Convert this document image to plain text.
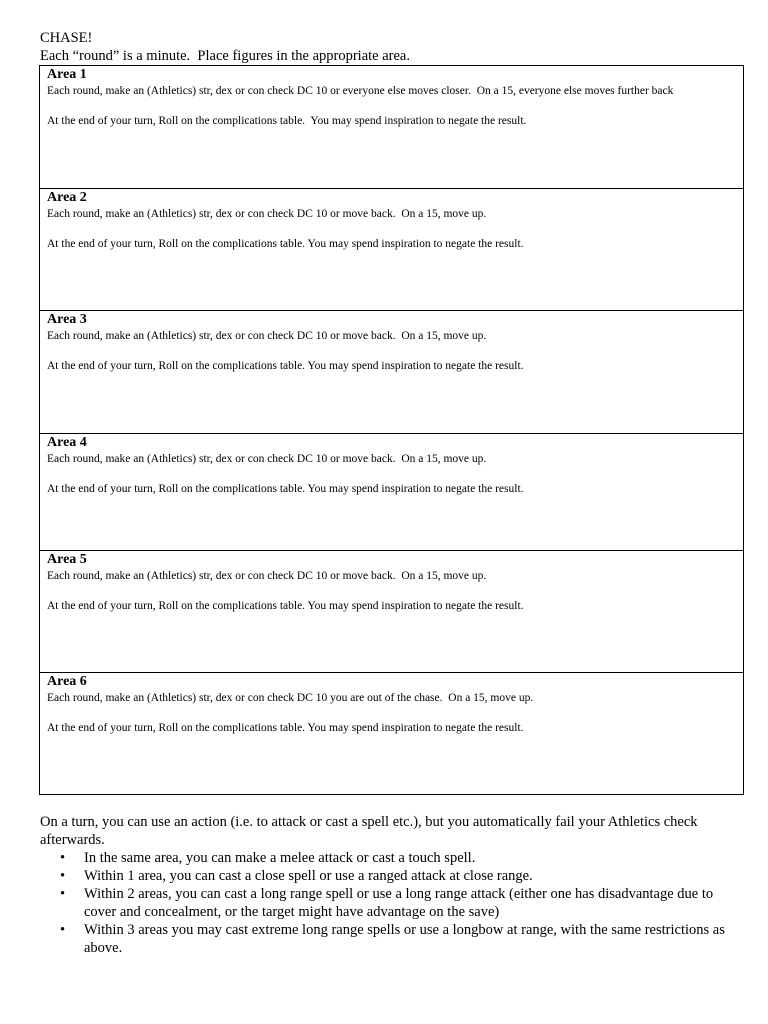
CHASE!
Each “round” is a minute.  Place figures in the appropriate area.
Area 1
Each round, make an (Athletics) str, dex or con check DC 10 or everyone else moves closer.  On a 15, everyone else moves further back
At the end of your turn, Roll on the complications table.  You may spend inspiration to negate the result.
Area 2
Each round, make an (Athletics) str, dex or con check DC 10 or move back.  On a 15, move up.
At the end of your turn, Roll on the complications table. You may spend inspiration to negate the result.
Area 3
Each round, make an (Athletics) str, dex or con check DC 10 or move back.  On a 15, move up.
At the end of your turn, Roll on the complications table. You may spend inspiration to negate the result.
Area 4
Each round, make an (Athletics) str, dex or con check DC 10 or move back.  On a 15, move up.
At the end of your turn, Roll on the complications table. You may spend inspiration to negate the result.
Area 5
Each round, make an (Athletics) str, dex or con check DC 10 or move back.  On a 15, move up.
At the end of your turn, Roll on the complications table. You may spend inspiration to negate the result.
Area 6
Each round, make an (Athletics) str, dex or con check DC 10 you are out of the chase.  On a 15, move up.
At the end of your turn, Roll on the complications table. You may spend inspiration to negate the result.

On a turn, you can use an action (i.e. to attack or cast a spell etc.), but you automatically fail your Athletics check afterwards.

• In the same area, you can make a melee attack or cast a touch spell.
• Within 1 area, you can cast a close spell or use a ranged attack at close range.
• Within 2 areas, you can cast a long range spell or use a long range attack (either one has disadvantage due to cover and concealment, or the target might have advantage on the save)
• Within 3 areas you may cast extreme long range spells or use a longbow at range, with the same restrictions as above.
